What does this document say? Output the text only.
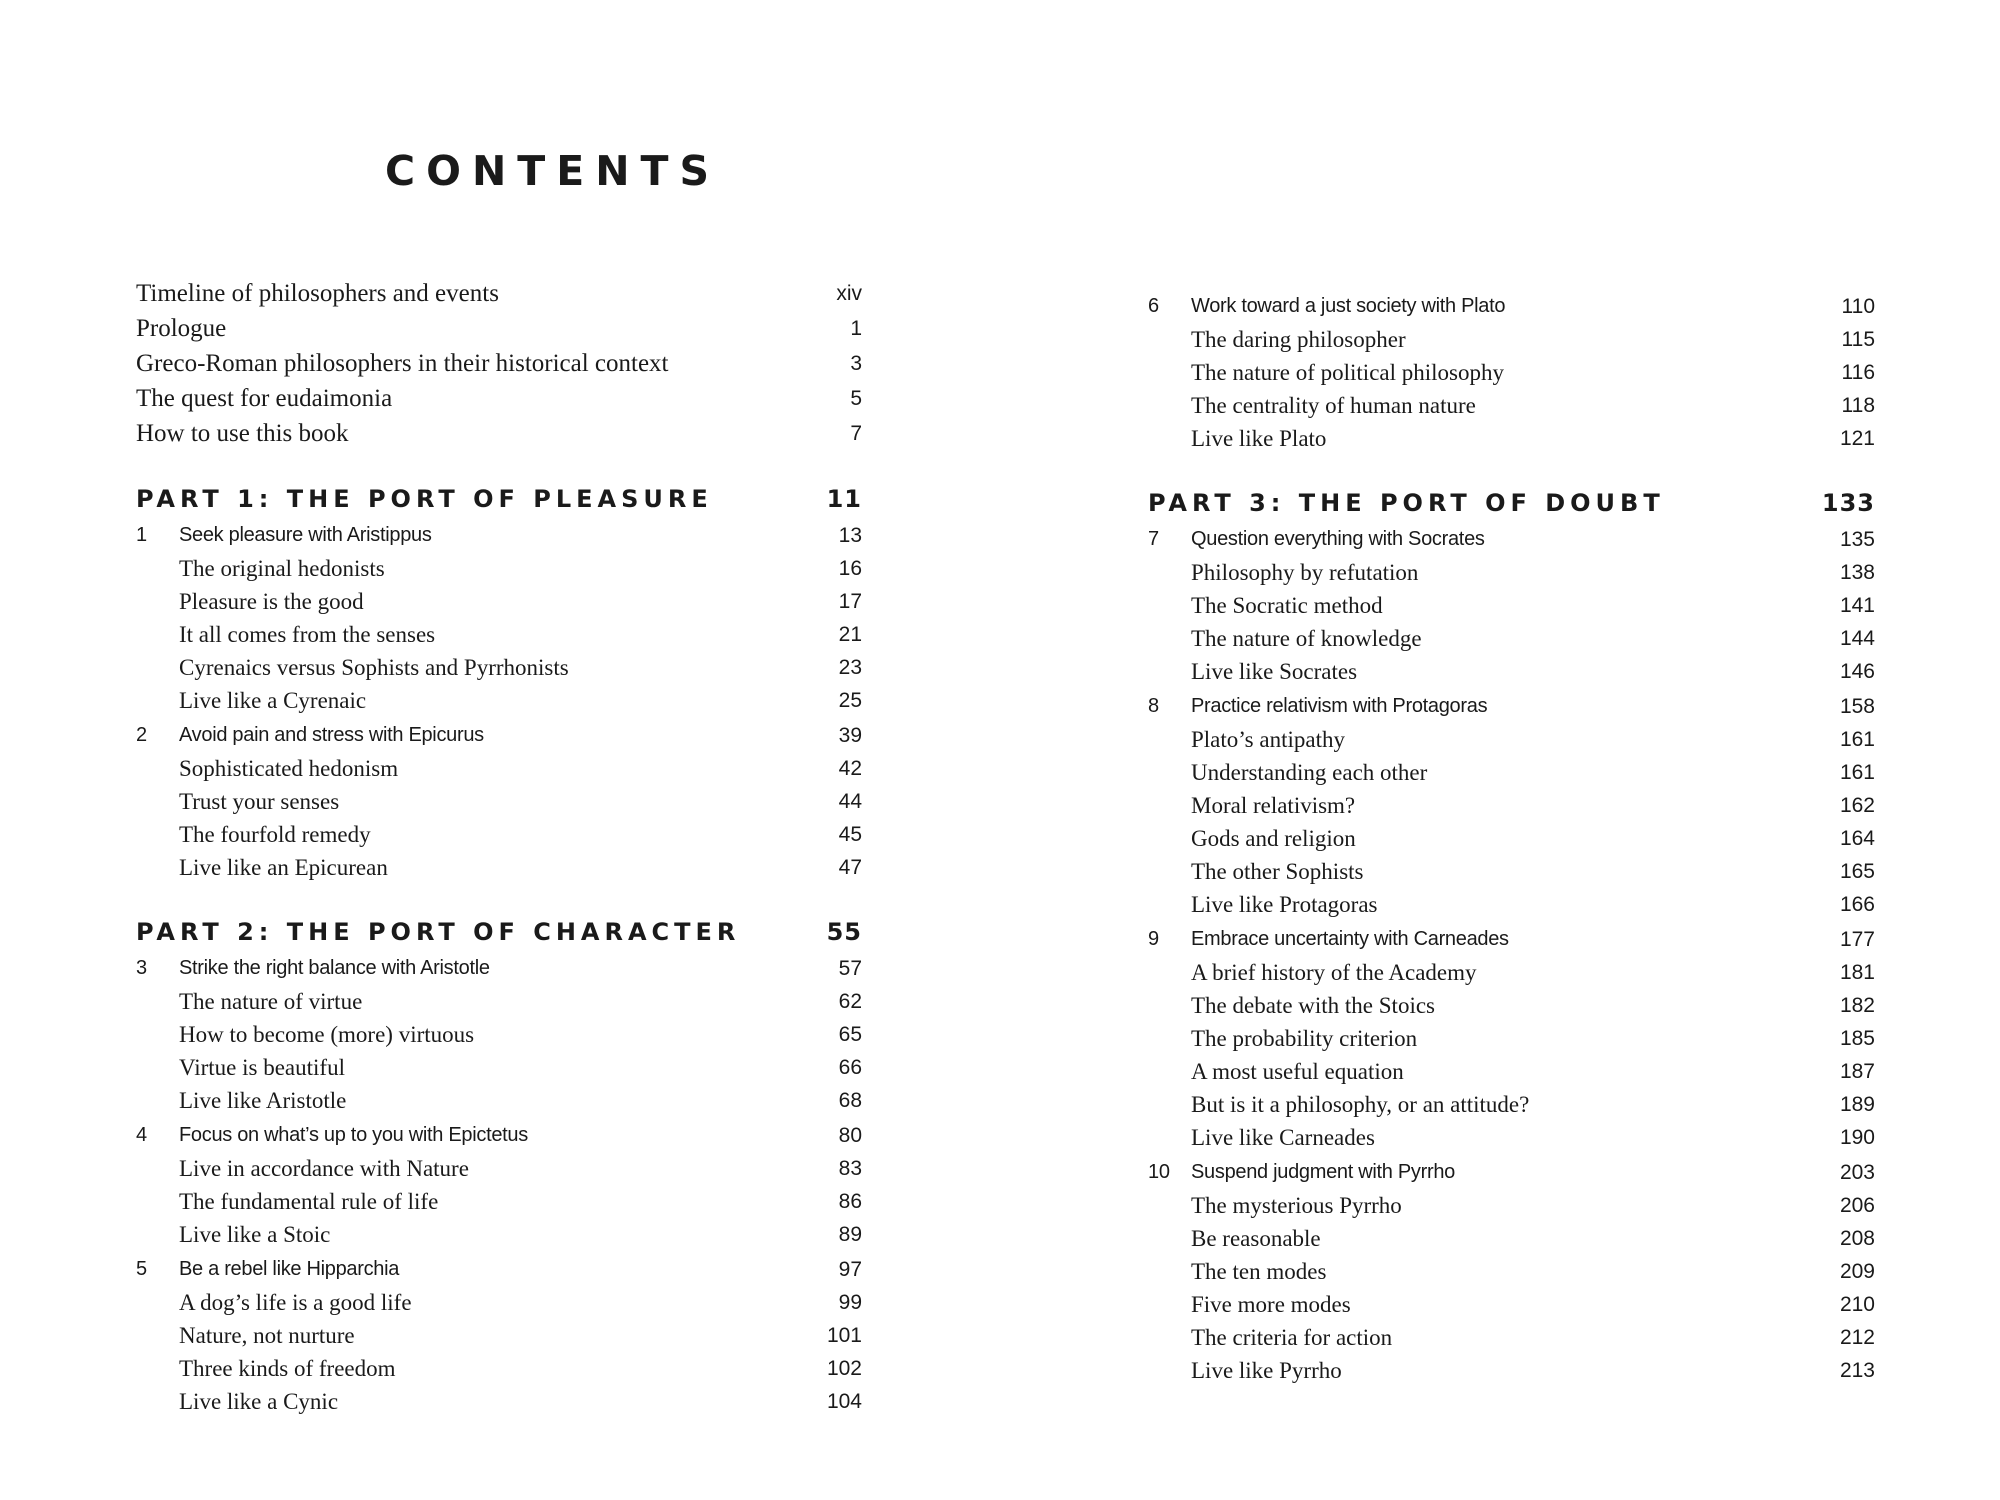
CONTENTS
Timeline of philosophers and events	xiv
Prologue	1
Greco-Roman philosophers in their historical context	3
The quest for eudaimonia	5
How to use this book	7
PART 1: THE PORT OF PLEASURE	11
1 Seek pleasure with Aristippus	13
The original hedonists	16
Pleasure is the good	17
It all comes from the senses	21
Cyrenaics versus Sophists and Pyrrhonists	23
Live like a Cyrenaic	25
2 Avoid pain and stress with Epicurus	39
Sophisticated hedonism	42
Trust your senses	44
The fourfold remedy	45
Live like an Epicurean	47
PART 2: THE PORT OF CHARACTER	55
3 Strike the right balance with Aristotle	57
The nature of virtue	62
How to become (more) virtuous	65
Virtue is beautiful	66
Live like Aristotle	68
4 Focus on what’s up to you with Epictetus	80
Live in accordance with Nature	83
The fundamental rule of life	86
Live like a Stoic	89
5 Be a rebel like Hipparchia	97
A dog’s life is a good life	99
Nature, not nurture	101
Three kinds of freedom	102
Live like a Cynic	104
6 Work toward a just society with Plato	110
The daring philosopher	115
The nature of political philosophy	116
The centrality of human nature	118
Live like Plato	121
PART 3: THE PORT OF DOUBT	133
7 Question everything with Socrates	135
Philosophy by refutation	138
The Socratic method	141
The nature of knowledge	144
Live like Socrates	146
8 Practice relativism with Protagoras	158
Plato’s antipathy	161
Understanding each other	161
Moral relativism?	162
Gods and religion	164
The other Sophists	165
Live like Protagoras	166
9 Embrace uncertainty with Carneades	177
A brief history of the Academy	181
The debate with the Stoics	182
The probability criterion	185
A most useful equation	187
But is it a philosophy, or an attitude?	189
Live like Carneades	190
10 Suspend judgment with Pyrrho	203
The mysterious Pyrrho	206
Be reasonable	208
The ten modes	209
Five more modes	210
The criteria for action	212
Live like Pyrrho	213
